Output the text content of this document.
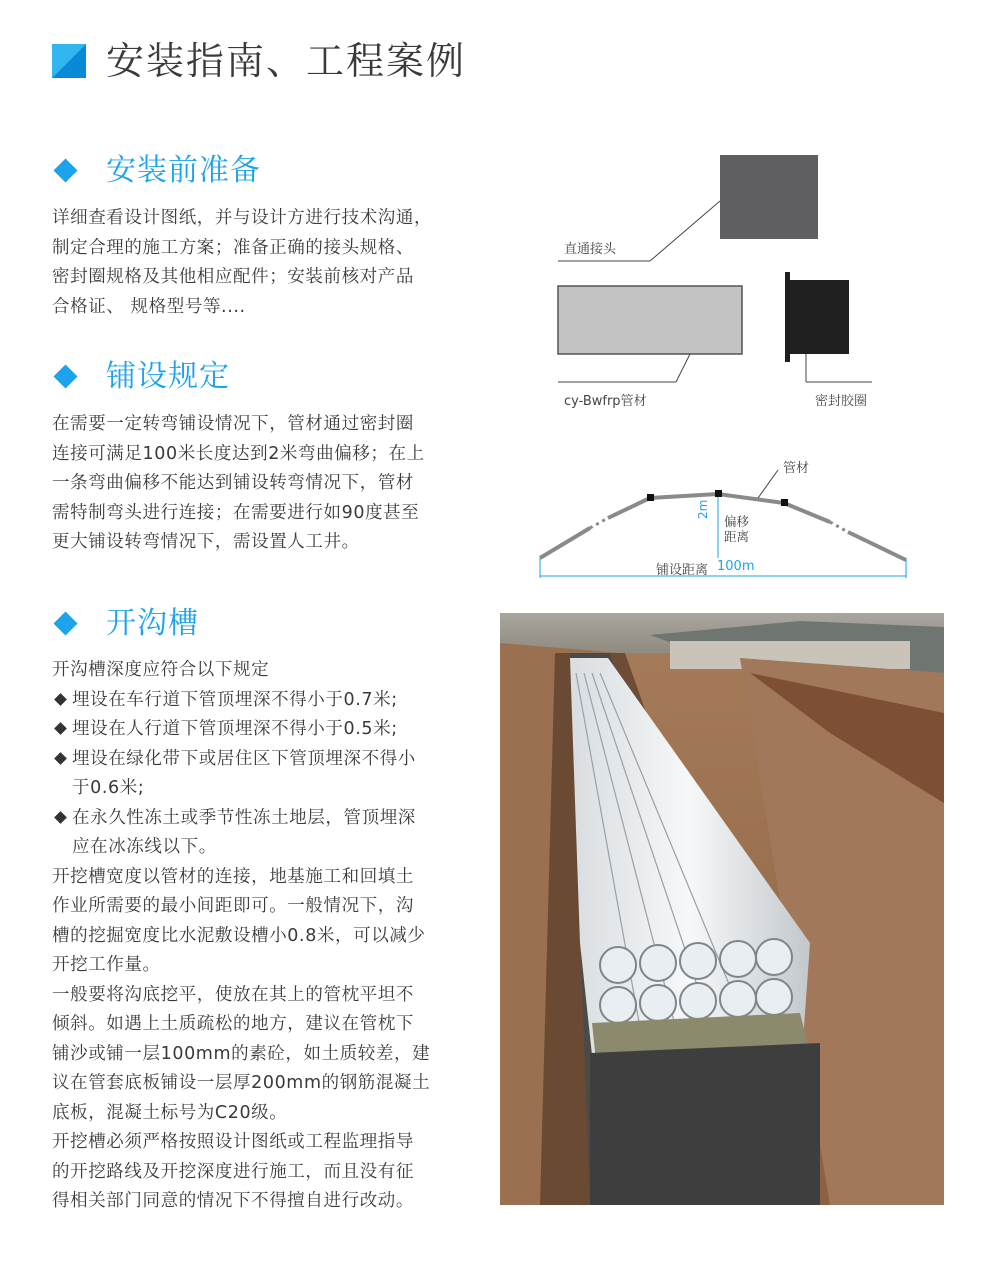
安装指南、工程案例
安装前准备

详细查看设计图纸，并与设计方进行技术沟通，

制定合理的施工方案；准备正确的接头规格、

密封圈规格及其他相应配件；安装前核对产品

合格证、 规格型号等....

铺设规定

在需要一定转弯铺设情况下，管材通过密封圈

连接可满足100米长度达到2米弯曲偏移；在上

一条弯曲偏移不能达到铺设转弯情况下，管材

需特制弯头进行连接；在需要进行如90度甚至

更大铺设转弯情况下，需设置人工井。

开沟槽

开沟槽深度应符合以下规定

埋设在车行道下管顶埋深不得小于0.7米;

埋设在人行道下管顶埋深不得小于0.5米;

埋设在绿化带下或居住区下管顶埋深不得小

于0.6米;

在永久性冻土或季节性冻土地层，管顶埋深

应在冰冻线以下。

开挖槽宽度以管材的连接，地基施工和回填土

作业所需要的最小间距即可。一般情况下，沟

槽的挖掘宽度比水泥敷设槽小0.8米，可以减少

开挖工作量。

一般要将沟底挖平，使放在其上的管枕平坦不

倾斜。如遇上土质疏松的地方，建议在管枕下

铺沙或铺一层100mm的素砼，如土质较差，建

议在管套底板铺设一层厚200mm的钢筋混凝土

底板，混凝土标号为C20级。

开挖槽必须严格按照设计图纸或工程监理指导

的开挖路线及开挖深度进行施工，而且没有征

得相关部门同意的情况下不得擅自进行改动。

直通接头
cy-Bwfrp管材	密封胶圈
管材
2m
偏移
距离
铺设距离 100m
